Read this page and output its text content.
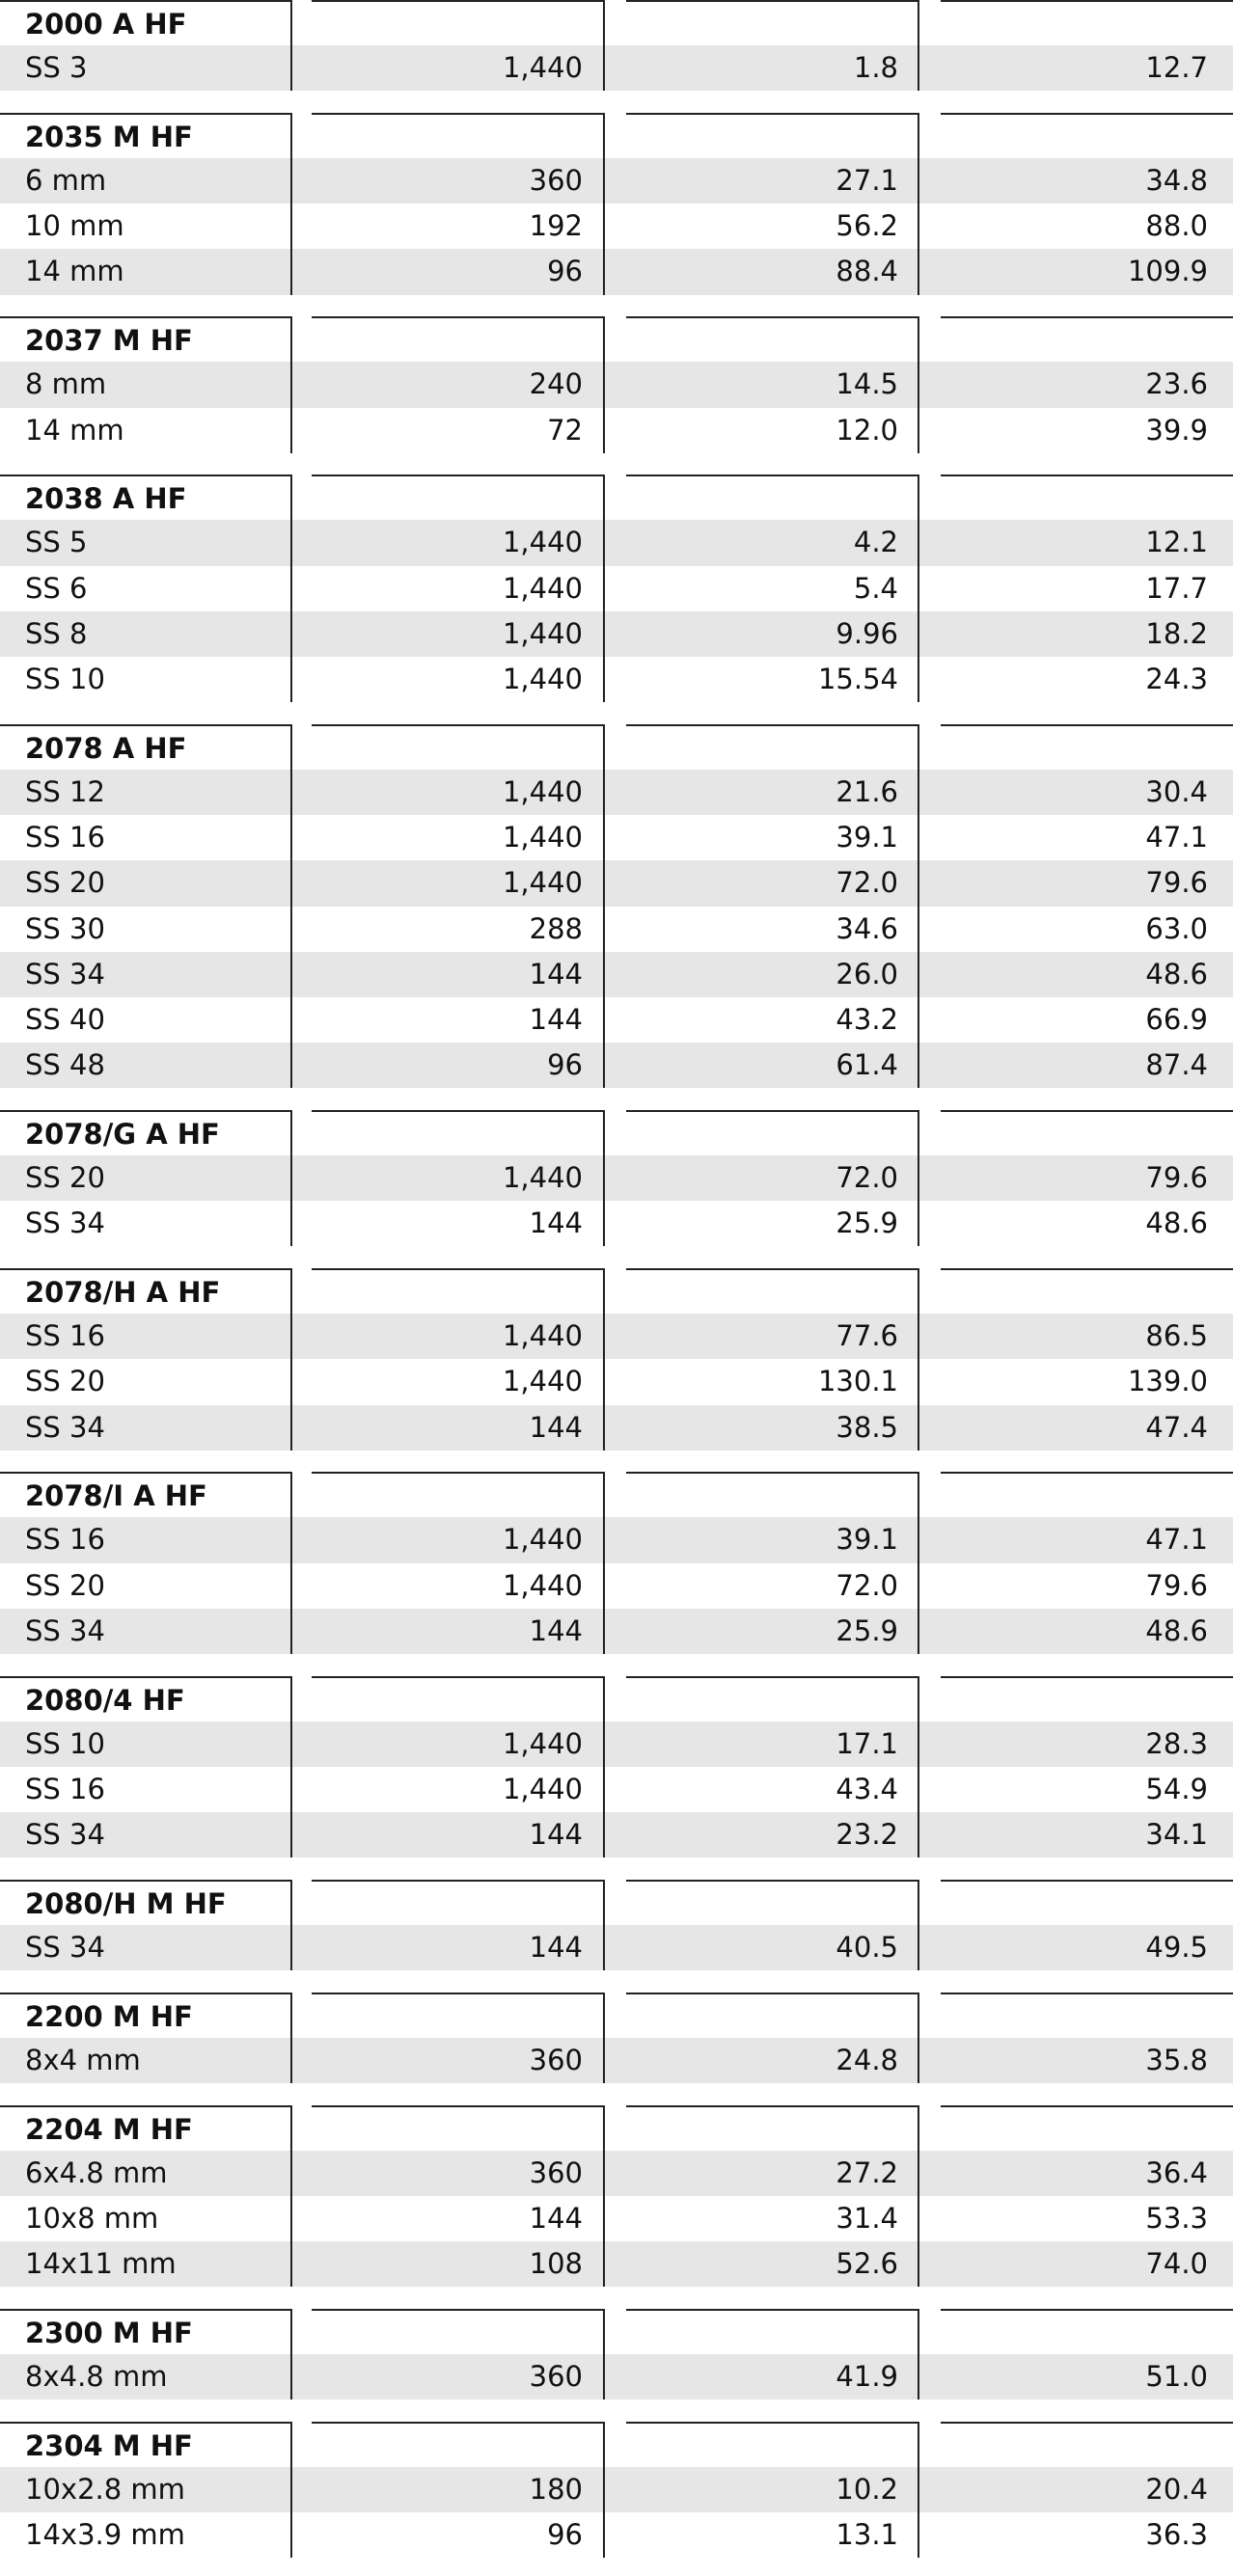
2000 A HF
SS 3	1,440	1.8	12.7
2035 M HF
6 mm	360	27.1	34.8
10 mm	192	56.2	88.0
14 mm	96	88.4	109.9
2037 M HF
8 mm	240	14.5	23.6
14 mm	72	12.0	39.9
2038 A HF
SS 5	1,440	4.2	12.1
SS 6	1,440	5.4	17.7
SS 8	1,440	9.96	18.2
SS 10	1,440	15.54	24.3
2078 A HF
SS 12	1,440	21.6	30.4
SS 16	1,440	39.1	47.1
SS 20	1,440	72.0	79.6
SS 30	288	34.6	63.0
SS 34	144	26.0	48.6
SS 40	144	43.2	66.9
SS 48	96	61.4	87.4
2078/G A HF
SS 20	1,440	72.0	79.6
SS 34	144	25.9	48.6
2078/H A HF
SS 16	1,440	77.6	86.5
SS 20	1,440	130.1	139.0
SS 34	144	38.5	47.4
2078/I A HF
SS 16	1,440	39.1	47.1
SS 20	1,440	72.0	79.6
SS 34	144	25.9	48.6
2080/4 HF
SS 10	1,440	17.1	28.3
SS 16	1,440	43.4	54.9
SS 34	144	23.2	34.1
2080/H M HF
SS 34	144	40.5	49.5
2200 M HF
8x4 mm	360	24.8	35.8
2204 M HF
6x4.8 mm	360	27.2	36.4
10x8 mm	144	31.4	53.3
14x11 mm	108	52.6	74.0
2300 M HF
8x4.8 mm	360	41.9	51.0
2304 M HF
10x2.8 mm	180	10.2	20.4
14x3.9 mm	96	13.1	36.3
